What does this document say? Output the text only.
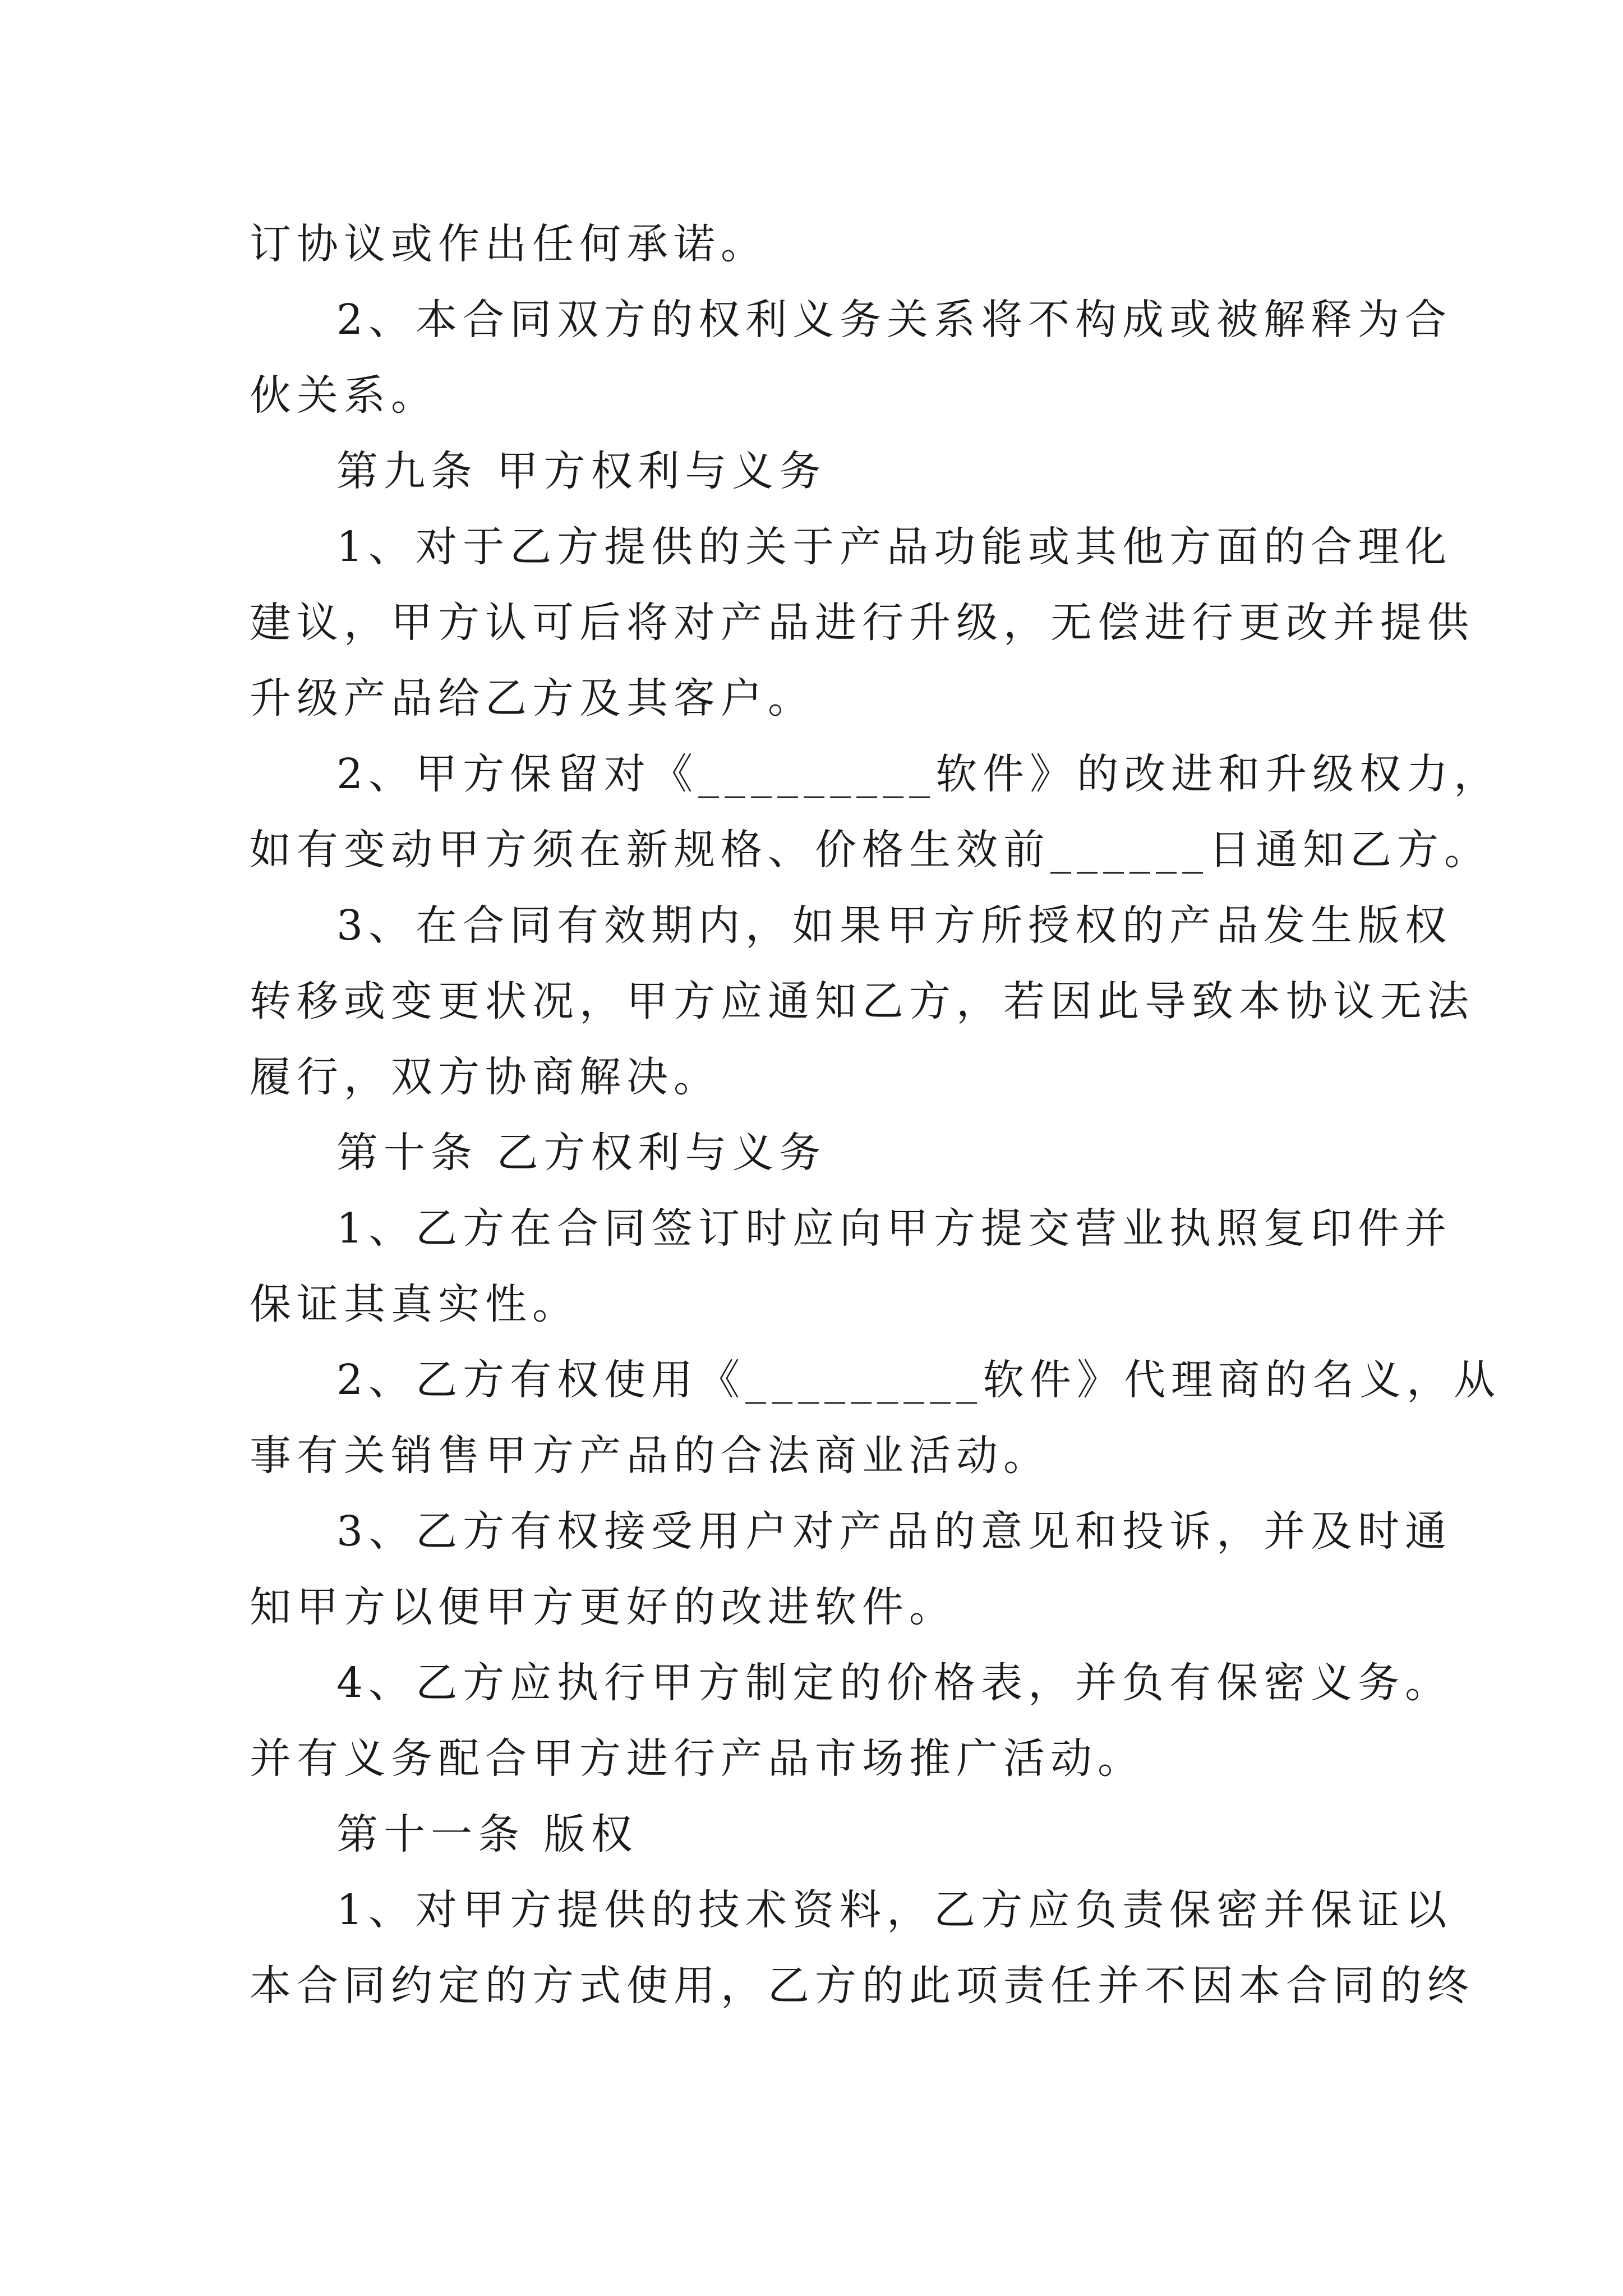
订协议或作出任何承诺。
2、本合同双方的权利义务关系将不构成或被解释为合
伙关系。
第九条 甲方权利与义务
1、对于乙方提供的关于产品功能或其他方面的合理化
建议，甲方认可后将对产品进行升级，无偿进行更改并提供
升级产品给乙方及其客户。
2、甲方保留对《_________软件》的改进和升级权力，
如有变动甲方须在新规格、价格生效前______日通知乙方。
3、在合同有效期内，如果甲方所授权的产品发生版权
转移或变更状况，甲方应通知乙方，若因此导致本协议无法
履行，双方协商解决。
第十条 乙方权利与义务
1、乙方在合同签订时应向甲方提交营业执照复印件并
保证其真实性。
2、乙方有权使用《_________软件》代理商的名义，从
事有关销售甲方产品的合法商业活动。
3、乙方有权接受用户对产品的意见和投诉，并及时通
知甲方以便甲方更好的改进软件。
4、乙方应执行甲方制定的价格表，并负有保密义务。
并有义务配合甲方进行产品市场推广活动。
第十一条 版权
1、对甲方提供的技术资料，乙方应负责保密并保证以
本合同约定的方式使用，乙方的此项责任并不因本合同的终
